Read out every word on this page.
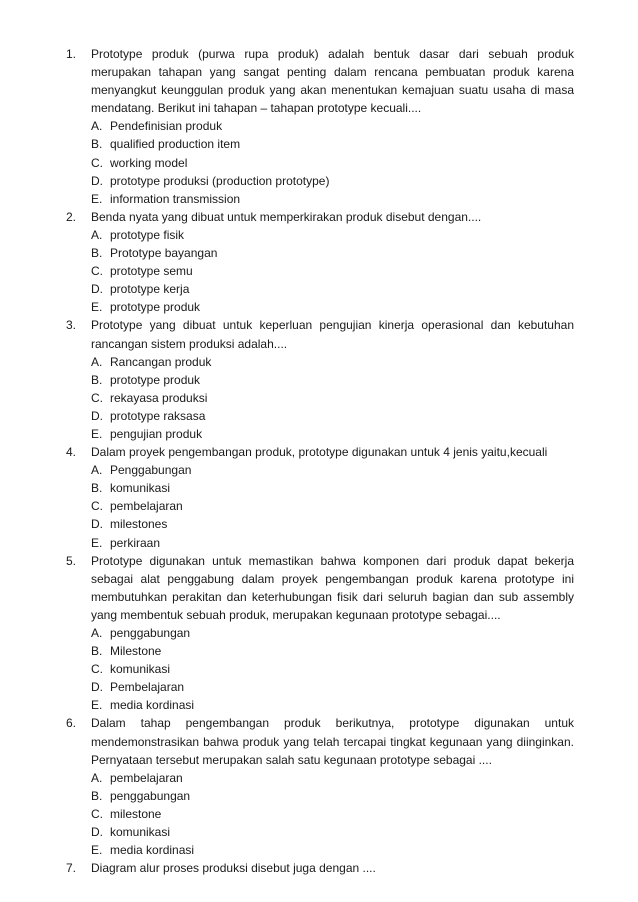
1. Prototype produk (purwa rupa produk) adalah bentuk dasar dari sebuah produk merupakan tahapan yang sangat penting dalam rencana pembuatan produk karena menyangkut keunggulan produk yang akan menentukan kemajuan suatu usaha di masa mendatang. Berikut ini tahapan – tahapan prototype kecuali....

A. Pendefinisian produk
B. qualified production item
C. working model
D. prototype produksi (production prototype)
E. information transmission
2. Benda nyata yang dibuat untuk memperkirakan produk disebut dengan....

A. prototype fisik
B. Prototype bayangan
C. prototype semu
D. prototype kerja
E. prototype produk
3. Prototype yang dibuat untuk keperluan pengujian kinerja operasional dan kebutuhan rancangan sistem produksi adalah....

A. Rancangan produk
B. prototype produk
C. rekayasa produksi
D. prototype raksasa
E. pengujian produk
4. Dalam proyek pengembangan produk, prototype digunakan untuk 4 jenis yaitu,kecuali

A. Penggabungan
B. komunikasi
C. pembelajaran
D. milestones
E. perkiraan
5. Prototype digunakan untuk memastikan bahwa komponen dari produk dapat bekerja sebagai alat penggabung dalam proyek pengembangan produk karena prototype ini membutuhkan perakitan dan keterhubungan fisik dari seluruh bagian dan sub assembly yang membentuk sebuah produk, merupakan kegunaan prototype sebagai....

A. penggabungan
B. Milestone
C. komunikasi
D. Pembelajaran
E. media kordinasi
6. Dalam tahap pengembangan produk berikutnya, prototype digunakan untuk mendemonstrasikan bahwa produk yang telah tercapai tingkat kegunaan yang diinginkan. Pernyataan tersebut merupakan salah satu kegunaan prototype sebagai ....

A. pembelajaran
B. penggabungan
C. milestone
D. komunikasi
E. media kordinasi
7. Diagram alur proses produksi disebut juga dengan ....
